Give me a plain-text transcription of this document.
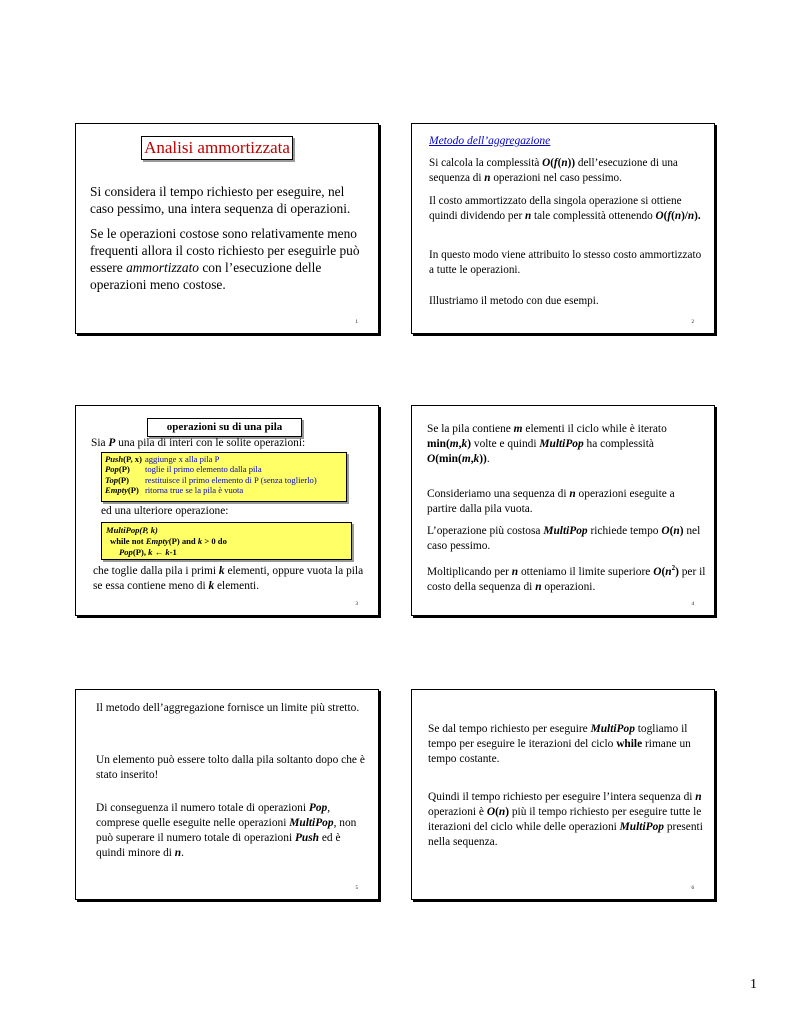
Analisi ammortizzata

Si considera il tempo richiesto per eseguire, nel caso pessimo, una intera sequenza di operazioni.

Se le operazioni costose sono relativamente meno frequenti allora il costo richiesto per eseguirle può essere ammortizzato con l’esecuzione delle operazioni meno costose.

1

Metodo dell’aggregazione

Si calcola la complessità O(f(n)) dell’esecuzione di una sequenza di n operazioni nel caso pessimo.

Il costo ammortizzato della singola operazione si ottiene quindi dividendo per n tale complessità ottenendo O(f(n)/n).

In questo modo viene attribuito lo stesso costo ammortizzato a tutte le operazioni.

Illustriamo il metodo con due esempi.

2
operazioni su di una pila

Sia P una pila di interi con le solite operazioni:

Push(P, x)	aggiunge x alla pila P
Pop(P)	toglie il primo elemento dalla pila
Top(P)	restituisce il primo elemento di P (senza toglierlo)
Empty(P)	ritorna true se la pila è vuota

ed una ulteriore operazione:

MultiPop(P, k)
while not Empty(P) and k > 0 do
Pop(P), k ← k-1

che toglie dalla pila i primi k elementi, oppure vuota la pila se essa contiene meno di k elementi.

3

Se la pila contiene m elementi il ciclo while è iterato min(m,k) volte e quindi MultiPop ha complessità O(min(m,k)).

Consideriamo una sequenza di n operazioni eseguite a partire dalla pila vuota.

L’operazione più costosa MultiPop richiede tempo O(n) nel caso pessimo.

Moltiplicando per n otteniamo il limite superiore $O(n^2)$ per il costo della sequenza di n operazioni.

4

Il metodo dell’aggregazione fornisce un limite più stretto.

Un elemento può essere tolto dalla pila soltanto dopo che è stato inserito!

Di conseguenza il numero totale di operazioni Pop, comprese quelle eseguite nelle operazioni MultiPop, non può superare il numero totale di operazioni Push ed è quindi minore di n.

5

Se dal tempo richiesto per eseguire MultiPop togliamo il tempo per eseguire le iterazioni del ciclo while rimane un tempo costante.

Quindi il tempo richiesto per eseguire l’intera sequenza di n operazioni è O(n) più il tempo richiesto per eseguire tutte le iterazioni del ciclo while delle operazioni MultiPop presenti nella sequenza.

6
1
